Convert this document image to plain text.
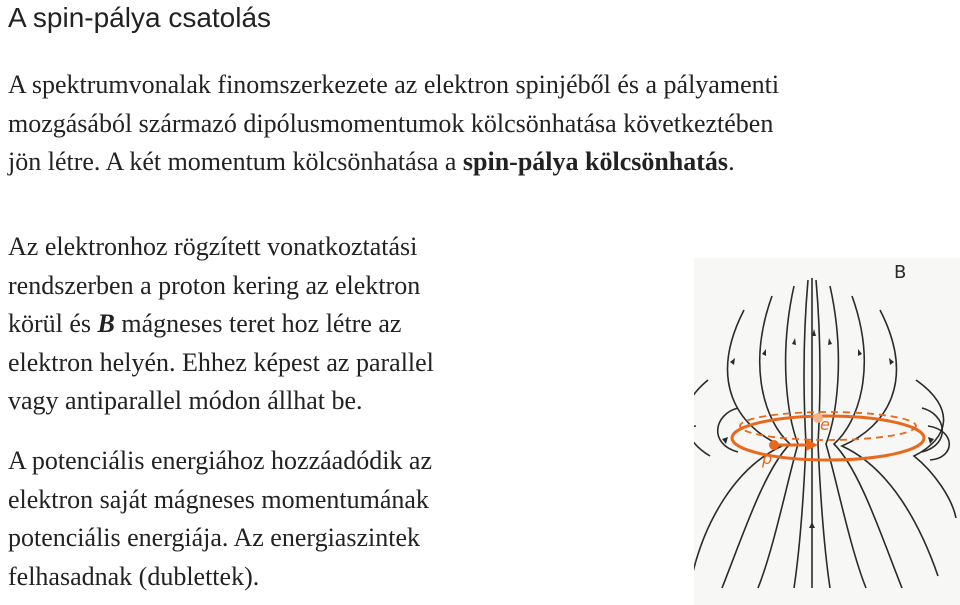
A spin-pálya csatolás

A spektrumvonalak finomszerkezete az elektron spinjéből és a pályamenti
mozgásából származó dipólusmomentumok kölcsönhatása következtében
jön létre. A két momentum kölcsönhatása a spin-pálya kölcsönhatás.

Az elektronhoz rögzített vonatkoztatási
rendszerben a proton kering az elektron
körül és B mágneses teret hoz létre az
elektron helyén. Ehhez képest az parallel
vagy antiparallel módon állhat be.

A potenciális energiához hozzáadódik az
elektron saját mágneses momentumának
potenciális energiája. Az energiaszintek
felhasadnak (dublettek).

B
e −
p
